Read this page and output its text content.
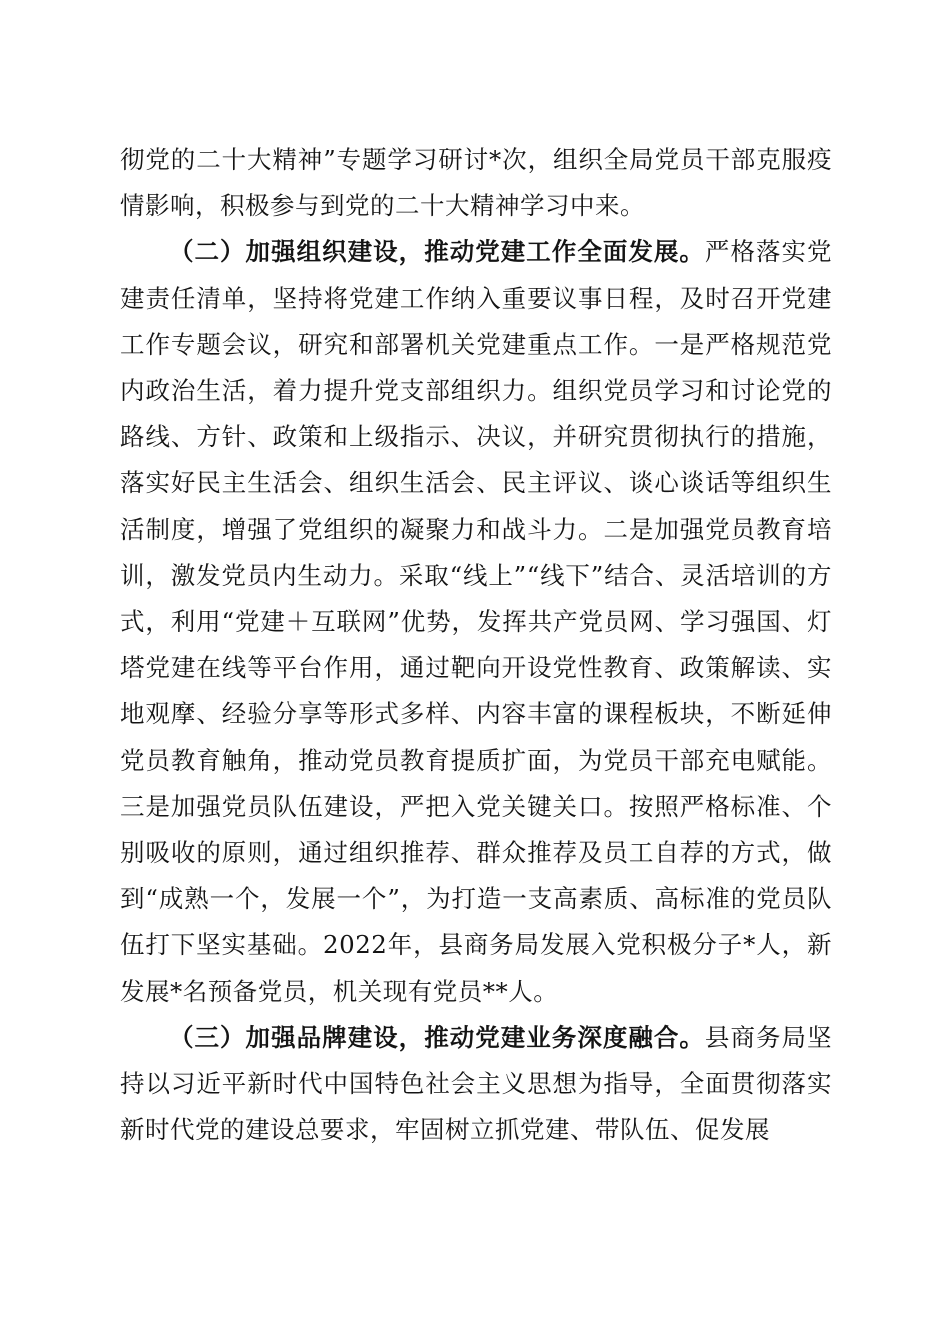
彻党的二十大精神”专题学习研讨*次，组织全局党员干部克服疫情影响，积极参与到党的二十大精神学习中来。

（二）加强组织建设，推动党建工作全面发展。严格落实党建责任清单，坚持将党建工作纳入重要议事日程，及时召开党建工作专题会议，研究和部署机关党建重点工作。一是严格规范党内政治生活，着力提升党支部组织力。组织党员学习和讨论党的路线、方针、政策和上级指示、决议，并研究贯彻执行的措施，落实好民主生活会、组织生活会、民主评议、谈心谈话等组织生活制度，增强了党组织的凝聚力和战斗力。二是加强党员教育培训，激发党员内生动力。采取“线上”“线下”结合、灵活培训的方式，利用“党建＋互联网”优势，发挥共产党员网、学习强国、灯塔党建在线等平台作用，通过靶向开设党性教育、政策解读、实地观摩、经验分享等形式多样、内容丰富的课程板块，不断延伸党员教育触角，推动党员教育提质扩面，为党员干部充电赋能。三是加强党员队伍建设，严把入党关键关口。按照严格标准、个别吸收的原则，通过组织推荐、群众推荐及员工自荐的方式，做到“成熟一个，发展一个”，为打造一支高素质、高标准的党员队伍打下坚实基础。2022年，县商务局发展入党积极分子*人，新发展*名预备党员，机关现有党员**人。

（三）加强品牌建设，推动党建业务深度融合。县商务局坚持以习近平新时代中国特色社会主义思想为指导，全面贯彻落实新时代党的建设总要求，牢固树立抓党建、带队伍、促发展
